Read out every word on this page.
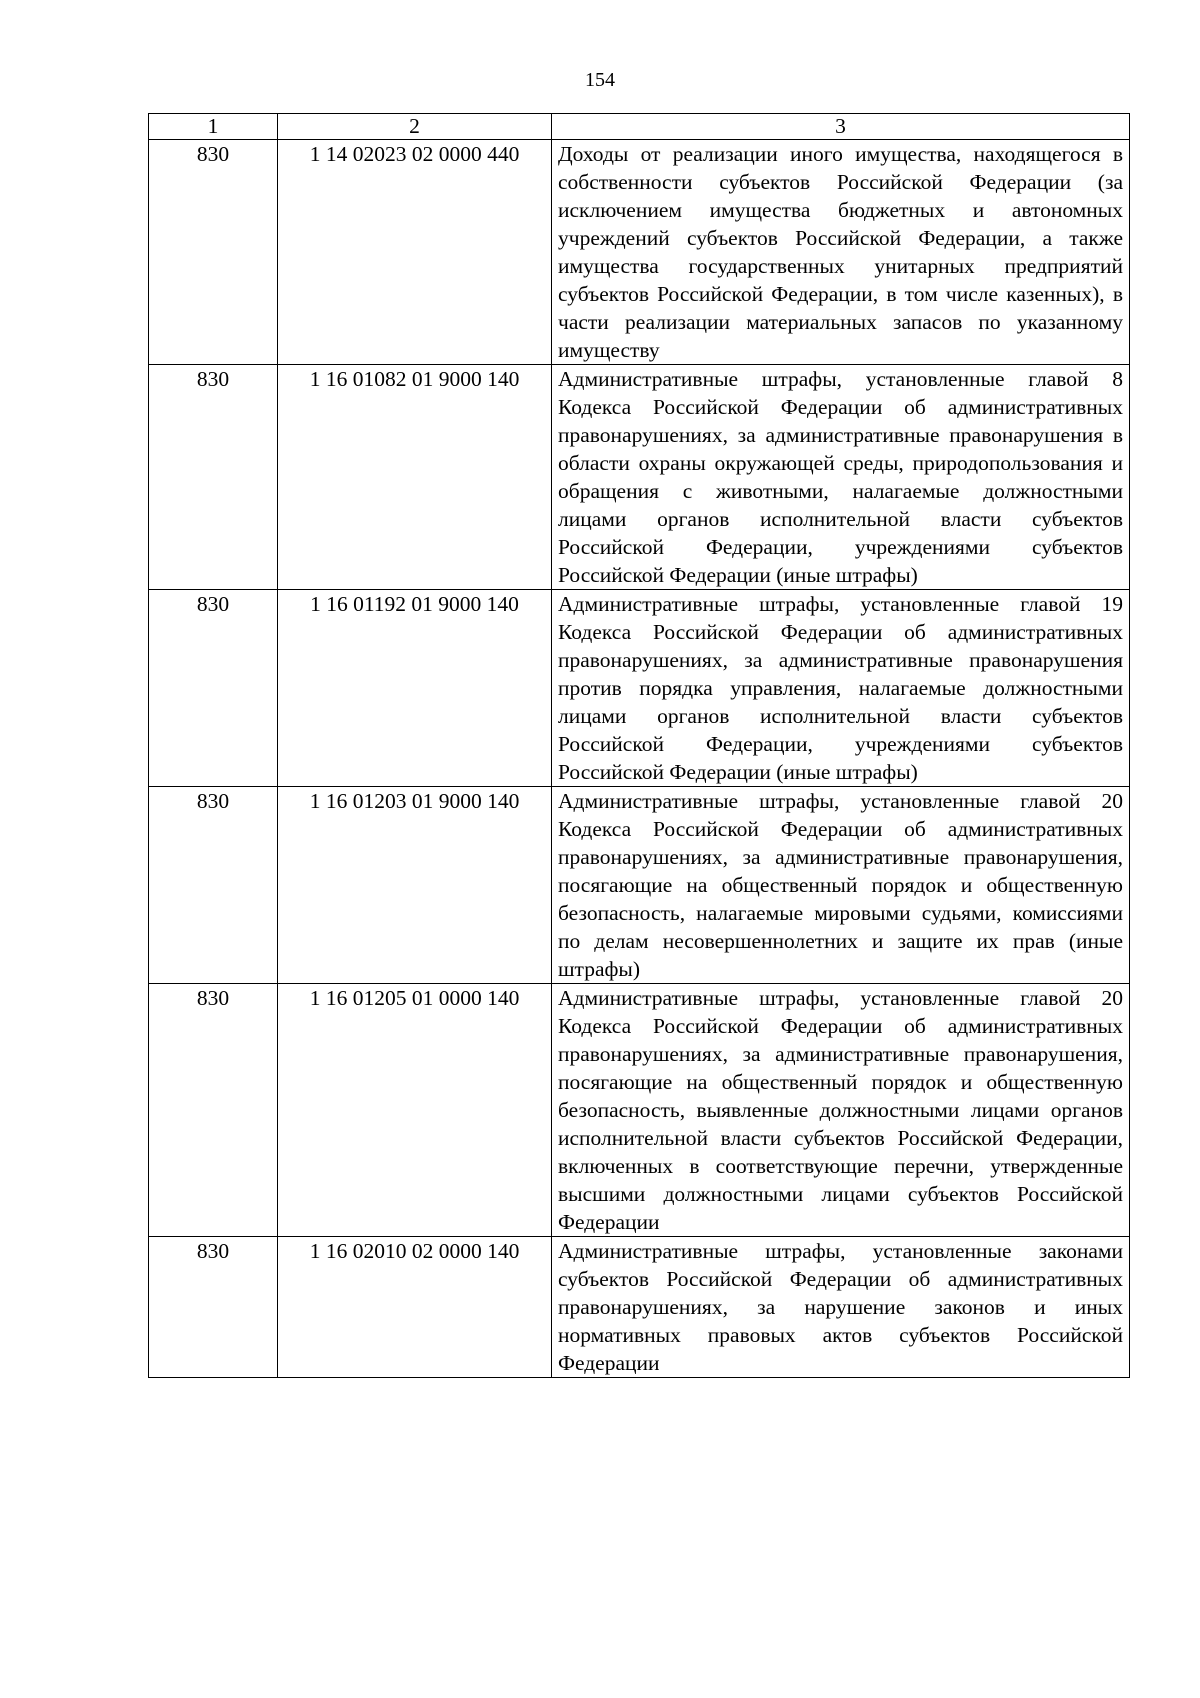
154
1	2	3
830	1 14 02023 02 0000 440	Доходы от реализации иного имущества, находящегося в собственности субъектов Российской Федерации (за исключением имущества бюджетных и автономных учреждений субъектов Российской Федерации, а также имущества государственных унитарных предприятий субъектов Российской Федерации, в том числе казенных), в части реализации материальных запасов по указанному имуществу
830	1 16 01082 01 9000 140	Административные штрафы, установленные главой 8 Кодекса Российской Федерации об административных правонарушениях, за административные правонарушения в области охраны окружающей среды, природопользования и обращения с животными, налагаемые должностными лицами органов исполнительной власти субъектов Российской Федерации, учреждениями субъектов Российской Федерации (иные штрафы)
830	1 16 01192 01 9000 140	Административные штрафы, установленные главой 19 Кодекса Российской Федерации об административных правонарушениях, за административные правонарушения против порядка управления, налагаемые должностными лицами органов исполнительной власти субъектов Российской Федерации, учреждениями субъектов Российской Федерации (иные штрафы)
830	1 16 01203 01 9000 140	Административные штрафы, установленные главой 20 Кодекса Российской Федерации об административных правонарушениях, за административные правонарушения, посягающие на общественный порядок и общественную безопасность, налагаемые мировыми судьями, комиссиями по делам несовершеннолетних и защите их прав (иные штрафы)
830	1 16 01205 01 0000 140	Административные штрафы, установленные главой 20 Кодекса Российской Федерации об административных правонарушениях, за административные правонарушения, посягающие на общественный порядок и общественную безопасность, выявленные должностными лицами органов исполнительной власти субъектов Российской Федерации, включенных в соответствующие перечни, утвержденные высшими должностными лицами субъектов Российской Федерации
830	1 16 02010 02 0000 140	Административные штрафы, установленные законами субъектов Российской Федерации об административных правонарушениях, за нарушение законов и иных нормативных правовых актов субъектов Российской Федерации
